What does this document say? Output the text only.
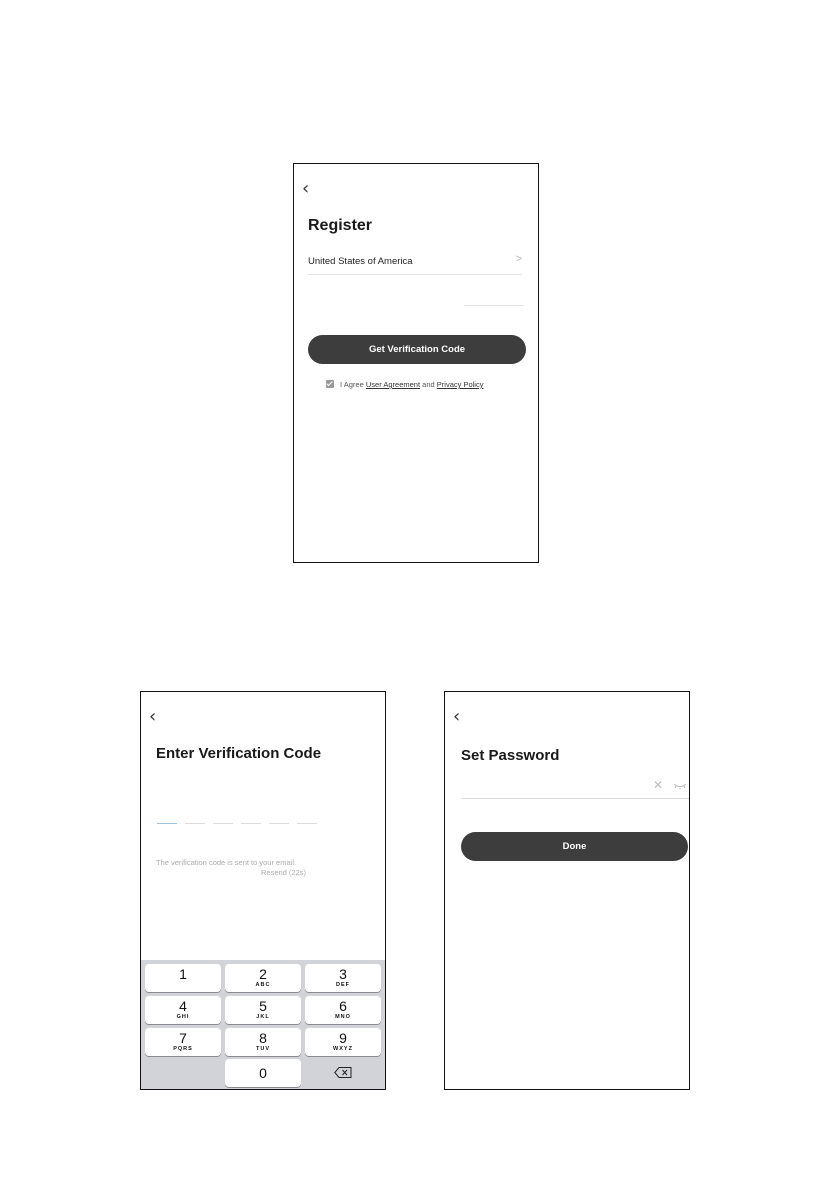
‹
Register
United States of America	>
Get Verification Code
I Agree User Agreement and Privacy Policy
‹
Enter Verification Code
The verification code is sent to your email.
Resend (22s)
1	2
ABC
3
DEF
4
GHI
5
JKL
6
MNO
7
PQRS
8
TUV
9
WXYZ
0
‹
Set Password
✕
Done
